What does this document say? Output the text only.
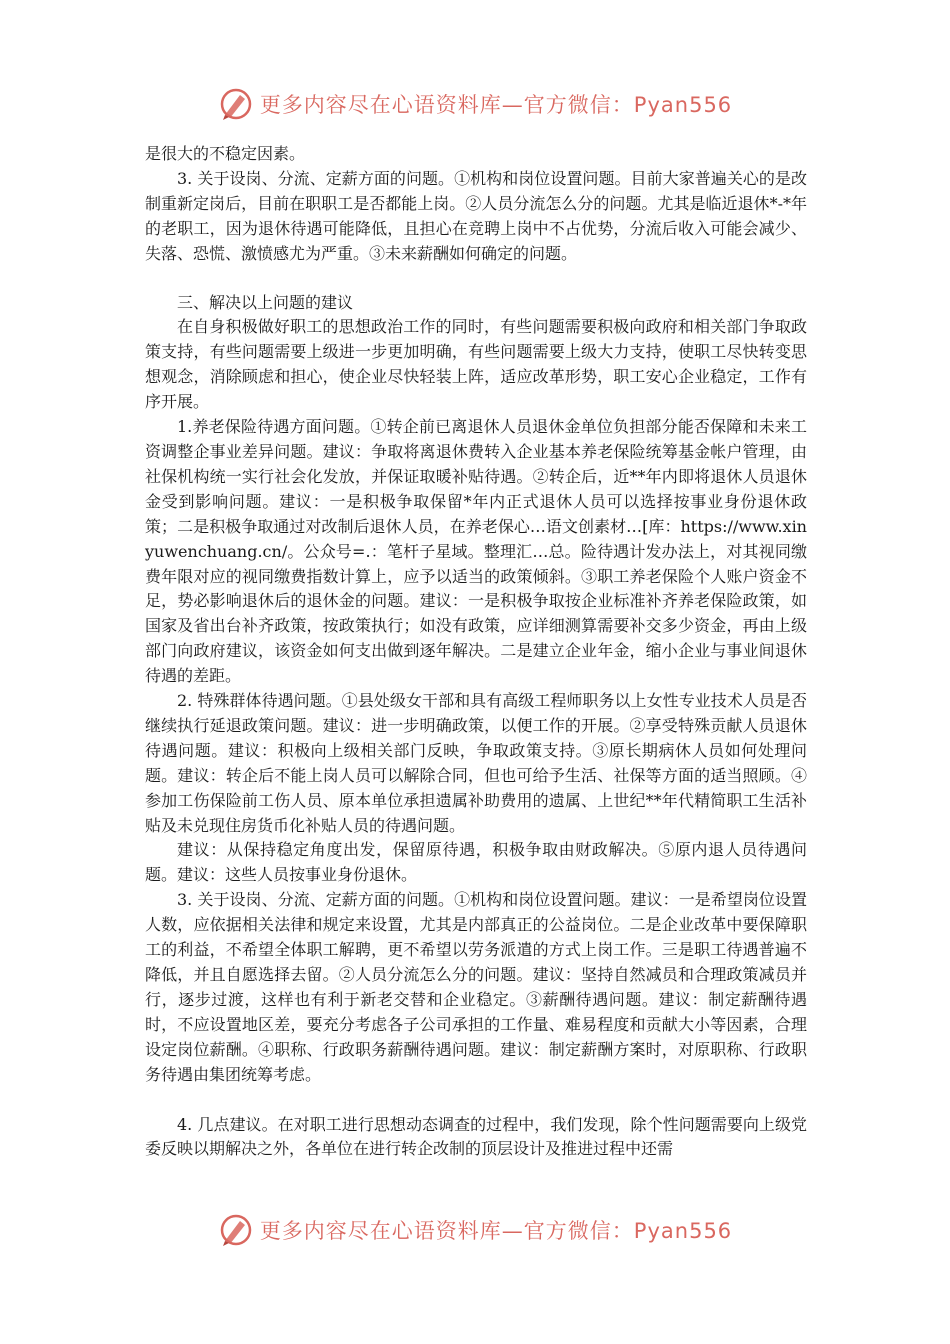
更多内容尽在心语资料库—官方微信：Pyan556

是很大的不稳定因素。

3. 关于设岗、分流、定薪方面的问题。①机构和岗位设置问题。目前大家普遍关心的是改制重新定岗后，目前在职职工是否都能上岗。②人员分流怎么分的问题。尤其是临近退休*-*年的老职工，因为退休待遇可能降低，且担心在竞聘上岗中不占优势，分流后收入可能会减少、失落、恐慌、激愤感尤为严重。③未来薪酬如何确定的问题。

三、解决以上问题的建议

在自身积极做好职工的思想政治工作的同时，有些问题需要积极向政府和相关部门争取政策支持，有些问题需要上级进一步更加明确，有些问题需要上级大力支持，使职工尽快转变思想观念，消除顾虑和担心，使企业尽快轻装上阵，适应改革形势，职工安心企业稳定，工作有序开展。

1.养老保险待遇方面问题。①转企前已离退休人员退休金单位负担部分能否保障和未来工资调整企事业差异问题。建议：争取将离退休费转入企业基本养老保险统筹基金帐户管理，由社保机构统一实行社会化发放，并保证取暖补贴待遇。②转企后，近**年内即将退休人员退休金受到影响问题。建议：一是积极争取保留*年内正式退休人员可以选择按事业身份退休政策；二是积极争取通过对改制后退休人员，在养老保心…语文创素材…[库：https://www.xinyuwenchuang.cn/。公众号=.：笔杆子星域。整理汇…总。险待遇计发办法上，对其视同缴费年限对应的视同缴费指数计算上，应予以适当的政策倾斜。③职工养老保险个人账户资金不足，势必影响退休后的退休金的问题。建议：一是积极争取按企业标准补齐养老保险政策，如国家及省出台补齐政策，按政策执行；如没有政策，应详细测算需要补交多少资金，再由上级部门向政府建议，该资金如何支出做到逐年解决。二是建立企业年金，缩小企业与事业间退休待遇的差距。

2. 特殊群体待遇问题。①县处级女干部和具有高级工程师职务以上女性专业技术人员是否继续执行延退政策问题。建议：进一步明确政策，以便工作的开展。②享受特殊贡献人员退休待遇问题。建议：积极向上级相关部门反映，争取政策支持。③原长期病休人员如何处理问题。建议：转企后不能上岗人员可以解除合同，但也可给予生活、社保等方面的适当照顾。④参加工伤保险前工伤人员、原本单位承担遗属补助费用的遗属、上世纪**年代精简职工生活补贴及未兑现住房货币化补贴人员的待遇问题。

建议：从保持稳定角度出发，保留原待遇，积极争取由财政解决。⑤原内退人员待遇问题。建议：这些人员按事业身份退休。

3. 关于设岗、分流、定薪方面的问题。①机构和岗位设置问题。建议：一是希望岗位设置人数，应依据相关法律和规定来设置，尤其是内部真正的公益岗位。二是企业改革中要保障职工的利益，不希望全体职工解聘，更不希望以劳务派遣的方式上岗工作。三是职工待遇普遍不降低，并且自愿选择去留。②人员分流怎么分的问题。建议：坚持自然减员和合理政策减员并行，逐步过渡，这样也有利于新老交替和企业稳定。③薪酬待遇问题。建议：制定薪酬待遇时，不应设置地区差，要充分考虑各子公司承担的工作量、难易程度和贡献大小等因素，合理设定岗位薪酬。④职称、行政职务薪酬待遇问题。建议：制定薪酬方案时，对原职称、行政职务待遇由集团统筹考虑。

4. 几点建议。在对职工进行思想动态调查的过程中，我们发现，除个性问题需要向上级党委反映以期解决之外，各单位在进行转企改制的顶层设计及推进过程中还需

更多内容尽在心语资料库—官方微信：Pyan556
